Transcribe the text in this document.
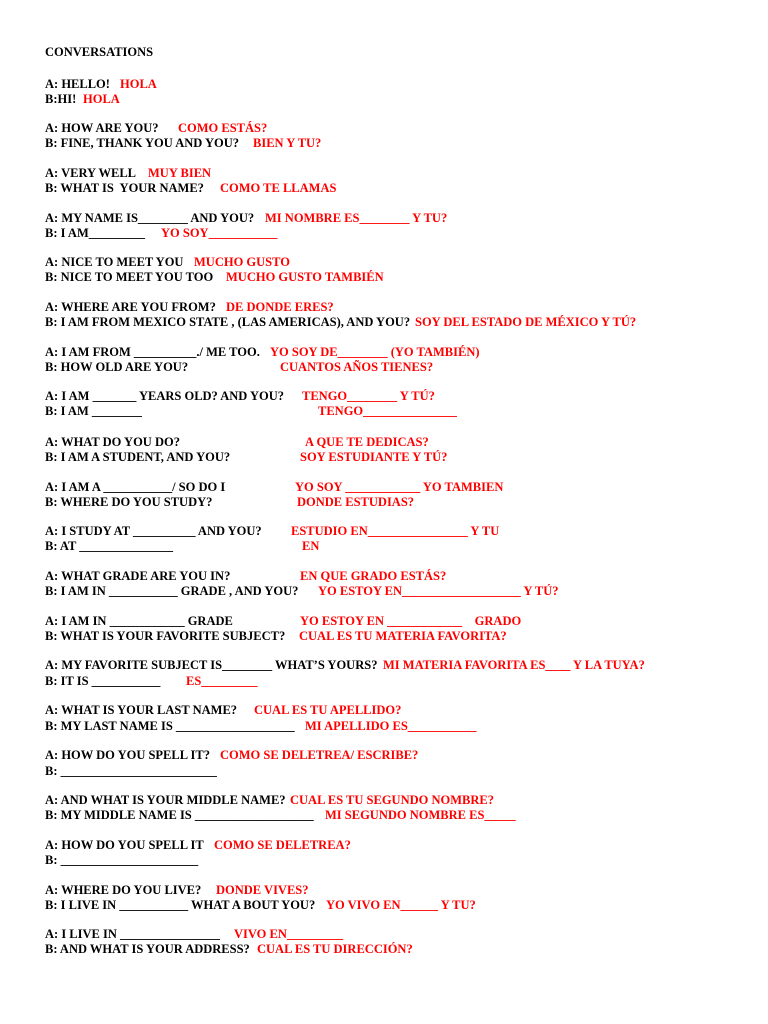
CONVERSATIONS
A: HELLO! HOLA
B:HI! HOLA
A: HOW ARE YOU? COMO ESTÁS?
B: FINE, THANK YOU AND YOU? BIEN Y TU?
A: VERY WELL MUY BIEN
B: WHAT IS  YOUR NAME? COMO TE LLAMAS
A: MY NAME IS________ AND YOU? MI NOMBRE ES________ Y TU?
B: I AM_________ YO SOY___________
A: NICE TO MEET YOU MUCHO GUSTO
B: NICE TO MEET YOU TOO MUCHO GUSTO TAMBIÉN
A: WHERE ARE YOU FROM? DE DONDE ERES?
B: I AM FROM MEXICO STATE , (LAS AMERICAS), AND YOU? SOY DEL ESTADO DE MÉXICO Y TÚ?
A: I AM FROM __________./ ME TOO. YO SOY DE________ (YO TAMBIÉN)
B: HOW OLD ARE YOU?	CUANTOS AÑOS TIENES?
A: I AM _______ YEARS OLD? AND YOU? TENGO________ Y TÚ?
B: I AM ________	TENGO_______________
A: WHAT DO YOU DO?	A QUE TE DEDICAS?
B: I AM A STUDENT, AND YOU?	SOY ESTUDIANTE Y TÚ?
A: I AM A ___________/ SO DO I	YO SOY ____________ YO TAMBIEN
B: WHERE DO YOU STUDY?	DONDE ESTUDIAS?
A: I STUDY AT __________ AND YOU? ESTUDIO EN________________ Y TU
B: AT _______________	EN
A: WHAT GRADE ARE YOU IN?	EN QUE GRADO ESTÁS?
B: I AM IN ___________ GRADE , AND YOU? YO ESTOY EN___________________ Y TÚ?
A: I AM IN ____________ GRADE	YO ESTOY EN ____________    GRADO
B: WHAT IS YOUR FAVORITE SUBJECT? CUAL ES TU MATERIA FAVORITA?
A: MY FAVORITE SUBJECT IS________ WHAT’S YOURS? MI MATERIA FAVORITA ES____ Y LA TUYA?
B: IT IS ___________ ES_________
A: WHAT IS YOUR LAST NAME? CUAL ES TU APELLIDO?
B: MY LAST NAME IS ___________________ MI APELLIDO ES___________
A: HOW DO YOU SPELL IT? COMO SE DELETREA/ ESCRIBE?
B: _________________________
A: AND WHAT IS YOUR MIDDLE NAME? CUAL ES TU SEGUNDO NOMBRE?
B: MY MIDDLE NAME IS ___________________ MI SEGUNDO NOMBRE ES_____
A: HOW DO YOU SPELL IT COMO SE DELETREA?
B: ______________________
A: WHERE DO YOU LIVE? DONDE VIVES?
B: I LIVE IN ___________ WHAT A BOUT YOU? YO VIVO EN______ Y TU?
A: I LIVE IN ________________ VIVO EN_________
B: AND WHAT IS YOUR ADDRESS? CUAL ES TU DIRECCIÓN?
